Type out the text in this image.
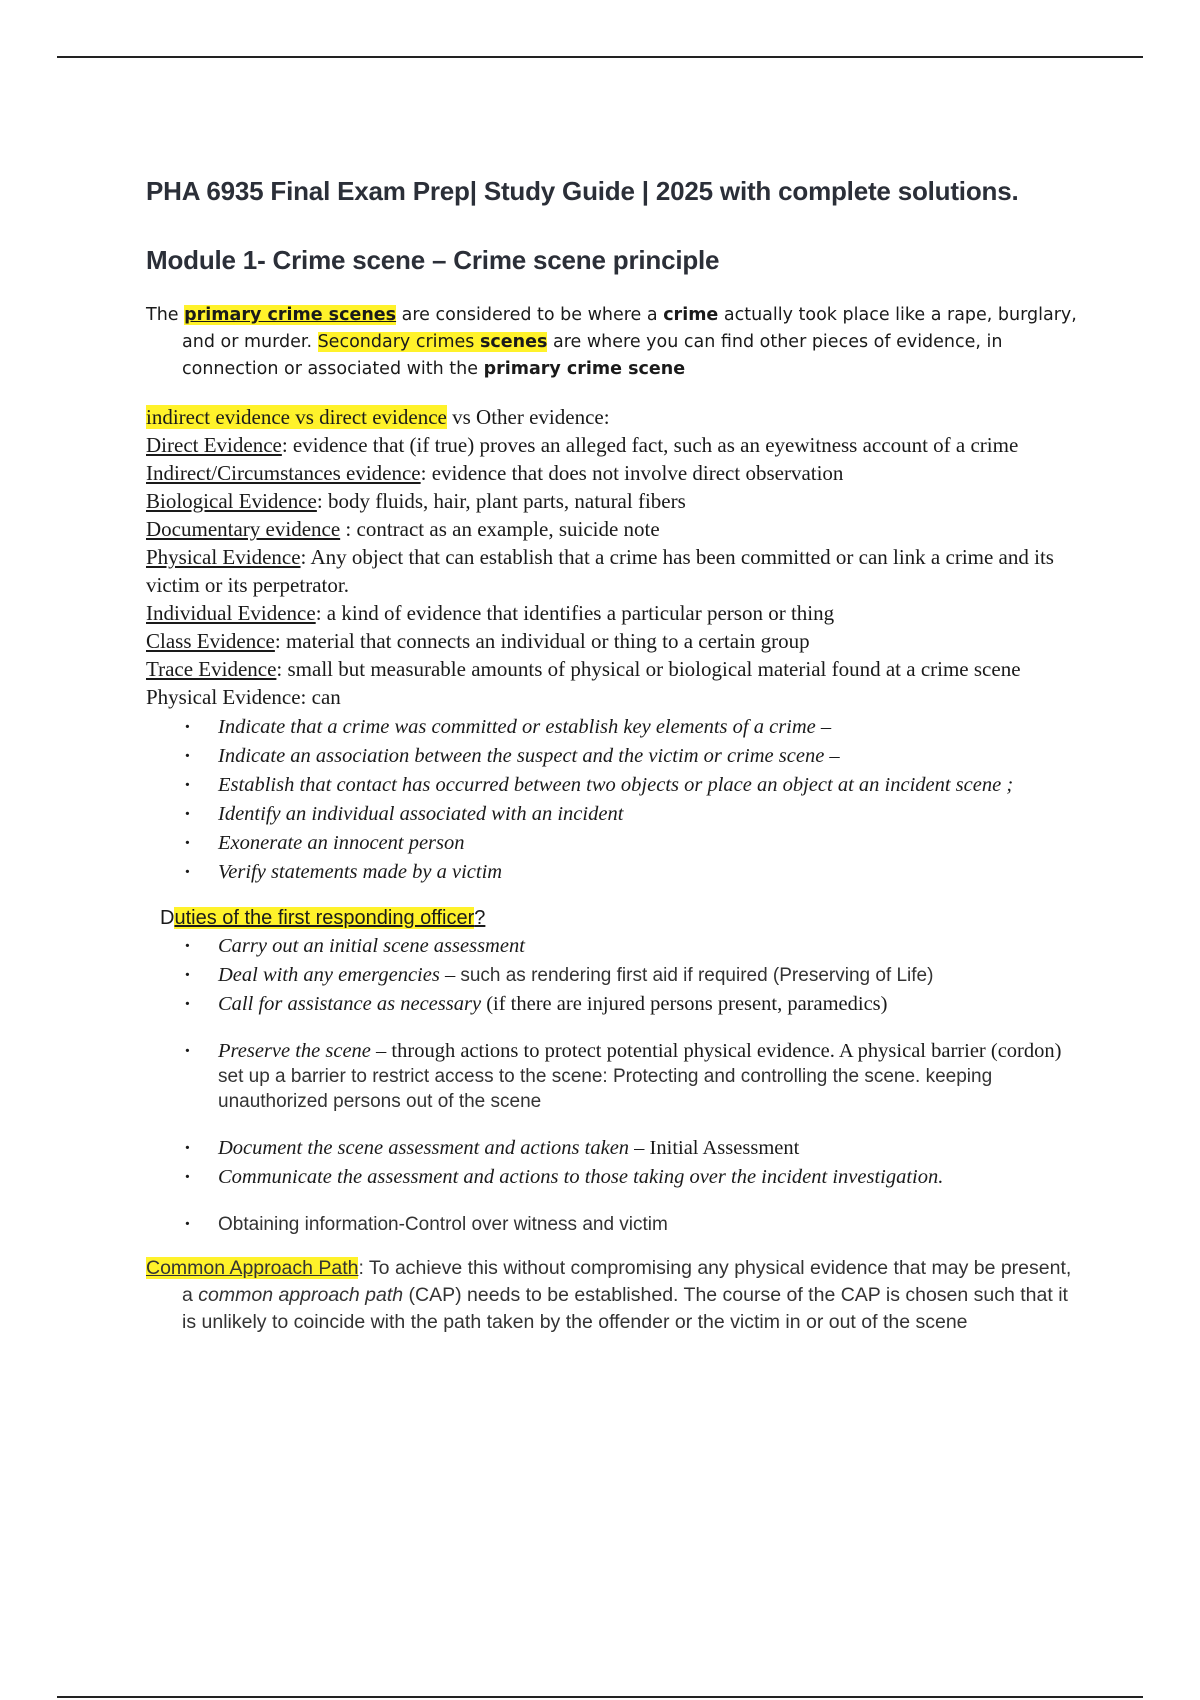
PHA 6935 Final Exam Prep| Study Guide | 2025 with complete solutions.
Module 1- Crime scene – Crime scene principle

The primary crime scenes are considered to be where a crime actually took place like a rape, burglary, and or murder. Secondary crimes scenes are where you can find other pieces of evidence, in connection or associated with the primary crime scene

indirect evidence vs direct evidence vs Other evidence:

Direct Evidence: evidence that (if true) proves an alleged fact, such as an eyewitness account of a crime

Indirect/Circumstances evidence: evidence that does not involve direct observation

Biological Evidence: body fluids, hair, plant parts, natural fibers

Documentary evidence : contract as an example, suicide note

Physical Evidence: Any object that can establish that a crime has been committed or can link a crime and its victim or its perpetrator.

Individual Evidence: a kind of evidence that identifies a particular person or thing

Class Evidence: material that connects an individual or thing to a certain group

Trace Evidence: small but measurable amounts of physical or biological material found at a crime scene

Physical Evidence: can

· Indicate that a crime was committed or establish key elements of a crime –
· Indicate an association between the suspect and the victim or crime scene –
· Establish that contact has occurred between two objects or place an object at an incident scene ;
· Identify an individual associated with an incident
· Exonerate an innocent person
· Verify statements made by a victim

Duties of the first responding officer?

· Carry out an initial scene assessment
· Deal with any emergencies – such as rendering first aid if required (Preserving of Life)
· Call for assistance as necessary (if there are injured persons present, paramedics)
· Preserve the scene – through actions to protect potential physical evidence. A physical barrier (cordon) set up a barrier to restrict access to the scene: Protecting and controlling the scene. keeping unauthorized persons out of the scene
· Document the scene assessment and actions taken – Initial Assessment
· Communicate the assessment and actions to those taking over the incident investigation.
· Obtaining information-Control over witness and victim

Common Approach Path: To achieve this without compromising any physical evidence that may be present, a common approach path (CAP) needs to be established. The course of the CAP is chosen such that it is unlikely to coincide with the path taken by the offender or the victim in or out of the scene
